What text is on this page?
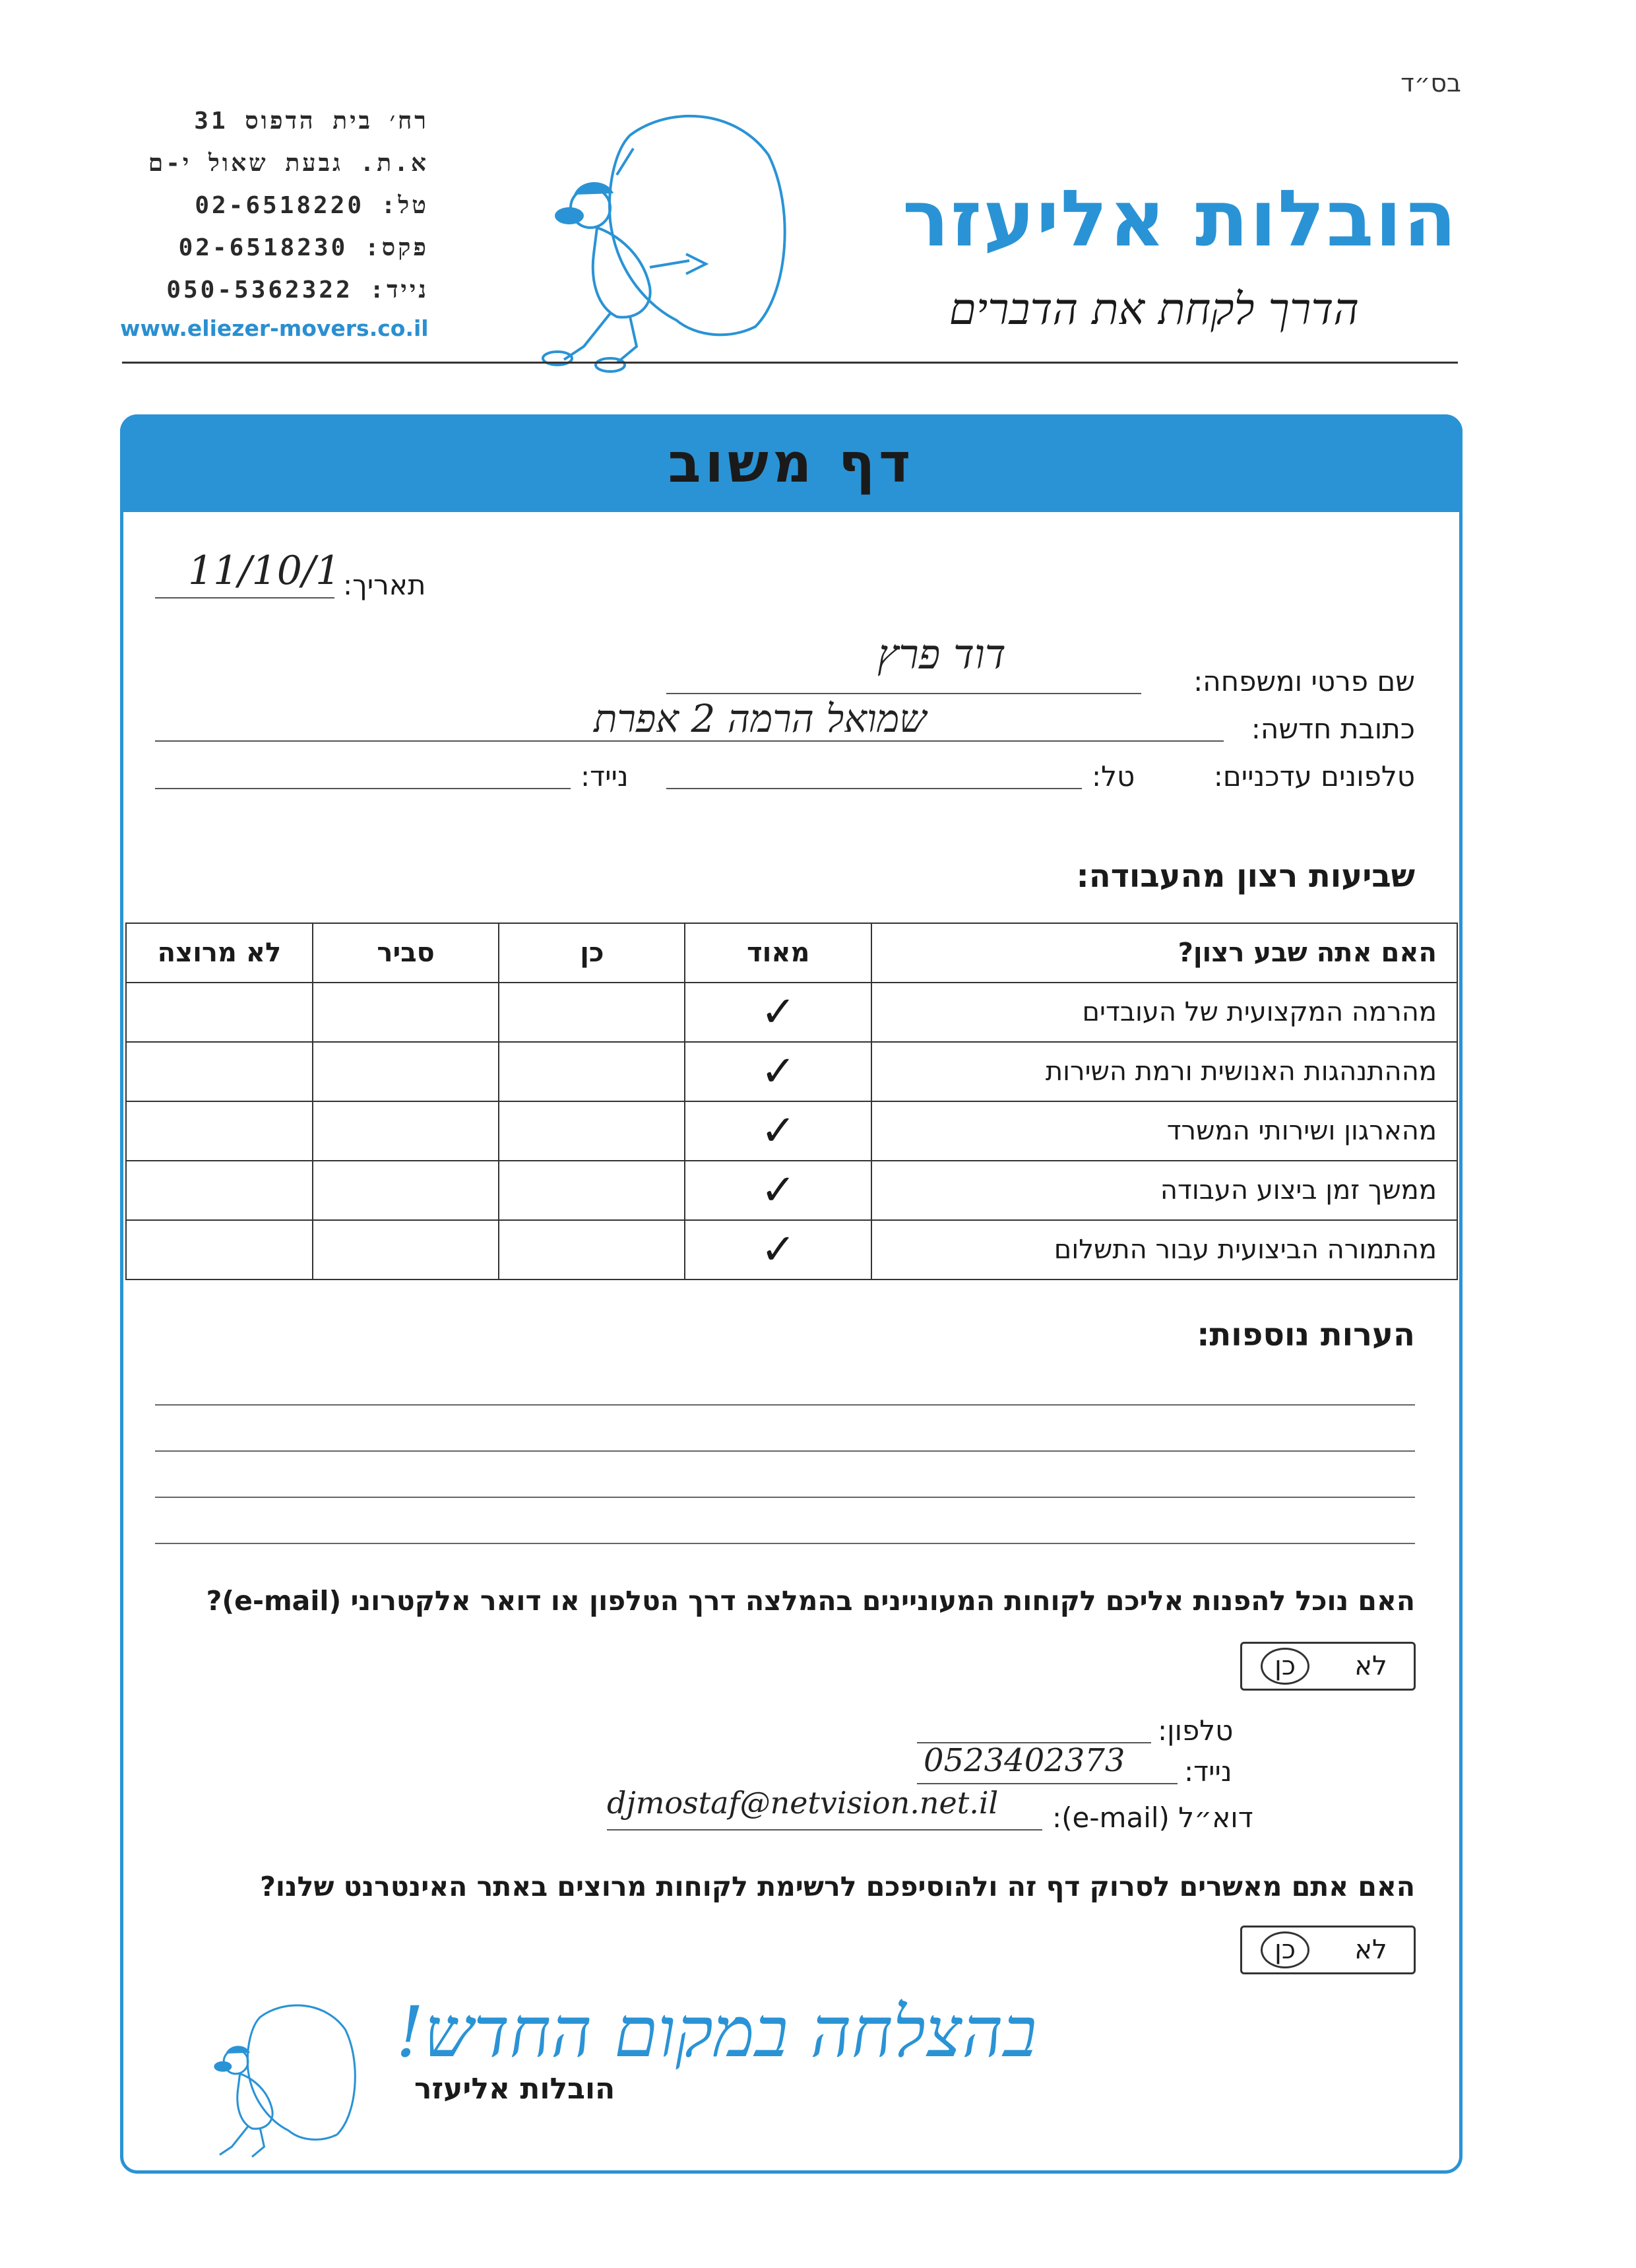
בס״ד
רח׳ בית הדפוס 31
א.ת. גבעת שאול י-ם
טל: 02-6518220
פקס: 02-6518230
נייד: 050-5362322
www.eliezer-movers.co.il
הובלות אליעזר
הדרך לקחת את הדברים
דף משוב
תאריך:
11/10/1
שם פרטי ומשפחה:
דוד פרץ
כתובת חדשה:
שמואל הרמה 2 אפרת
טלפונים עדכניים:
טל:
נייד:
שביעות רצון מהעבודה:
האם אתה שבע רצון?	מאוד	כן	סביר	לא מרוצה
מהרמה המקצועית של העובדים	✓			
מההתנהגות האנושית ורמת השירות	✓			
מהארגון ושירותי המשרד	✓			
ממשך זמן ביצוע העבודה	✓			
מהתמורה הביצועית עבור התשלום	✓			
הערות נוספות:
האם נוכל להפנות אליכם לקוחות המעוניינים בהמלצה דרך הטלפון או דואר אלקטרוני (e-mail)?
לא
כן
טלפון:
נייד:
0523402373
דוא״ל (e-mail):
djmostaf@netvision.net.il
האם אתם מאשרים לסרוק דף זה ולהוסיפכם לרשימת לקוחות מרוצים באתר האינטרנט שלנו?
לא
כן
בהצלחה במקום החדש!
הובלות אליעזר
